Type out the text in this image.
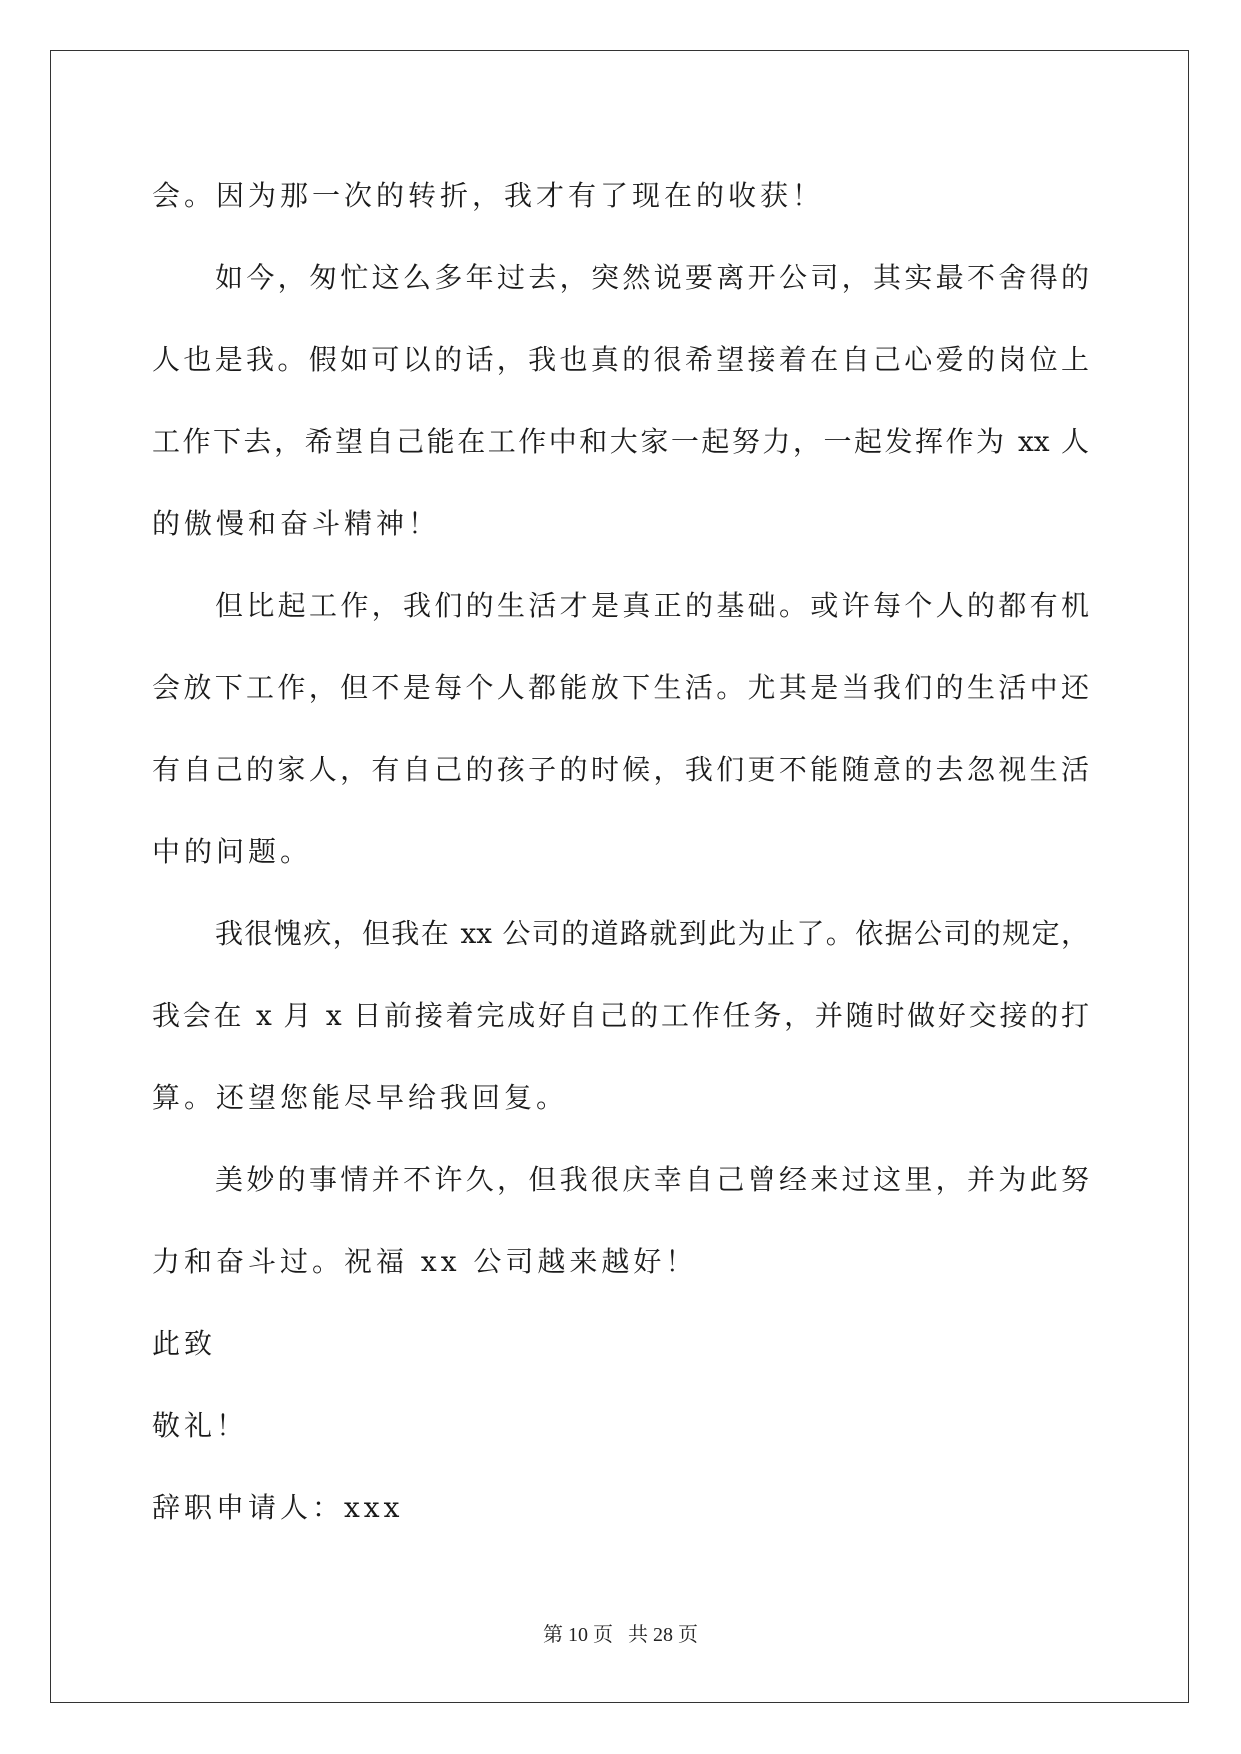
会。因为那一次的转折，我才有了现在的收获！
如今，匆忙这么多年过去，突然说要离开公司，其实最不舍得的
人也是我。假如可以的话，我也真的很希望接着在自己心爱的岗位上
工作下去，希望自己能在工作中和大家一起努力，一起发挥作为 xx 人
的傲慢和奋斗精神！
但比起工作，我们的生活才是真正的基础。或许每个人的都有机
会放下工作，但不是每个人都能放下生活。尤其是当我们的生活中还
有自己的家人，有自己的孩子的时候，我们更不能随意的去忽视生活
中的问题。
我很愧疚，但我在 xx 公司的道路就到此为止了。依据公司的规定，
我会在 x 月 x 日前接着完成好自己的工作任务，并随时做好交接的打
算。还望您能尽早给我回复。
美妙的事情并不许久，但我很庆幸自己曾经来过这里，并为此努
力和奋斗过。祝福 xx 公司越来越好！
此致
敬礼！
辞职申请人：xxx
第 10 页 共 28 页
